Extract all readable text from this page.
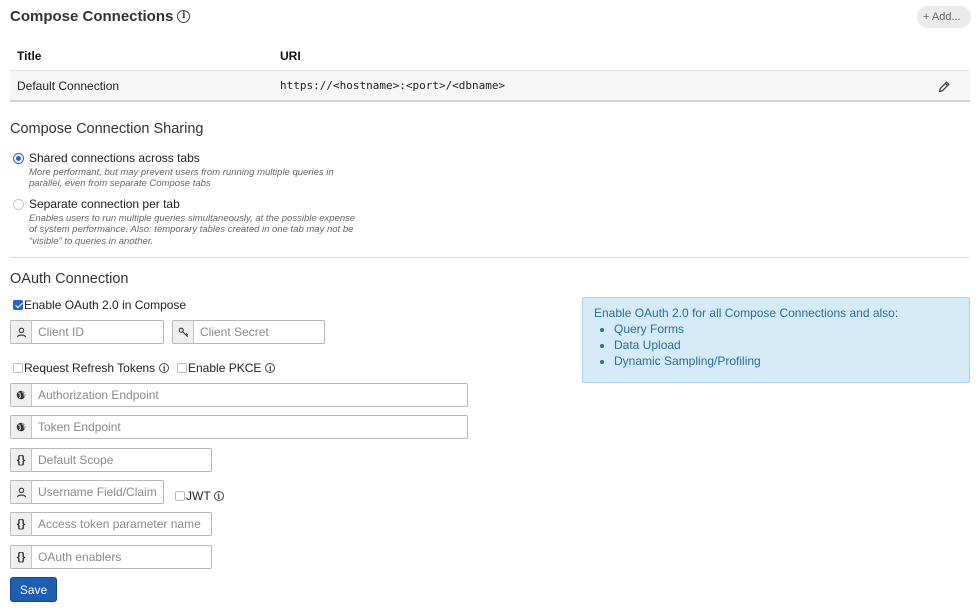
Compose Connections i	+ Add...
Title	URI
Default Connection	https://<hostname>:<port>/<dbname>
Compose Connection Sharing
Shared connections across tabs
More performant, but may prevent users from running multiple queries in parallel, even from separate Compose tabs
Separate connection per tab
Enables users to run multiple queries simultaneously, at the possible expense of system performance. Also: temporary tables created in one tab may not be “visible” to queries in another.
OAuth Connection
Enable OAuth 2.0 in Compose
Client ID
Request Refresh Tokens	i	Enable PKCE	i
Authorization Endpoint
Token Endpoint
{}
Default Scope
Username Field/Claim
JWT i
{}
Access token parameter name
{}
OAuth enablers
Enable OAuth 2.0 for all Compose Connections and also:
• Query Forms
• Data Upload
• Dynamic Sampling/Profiling
Save
